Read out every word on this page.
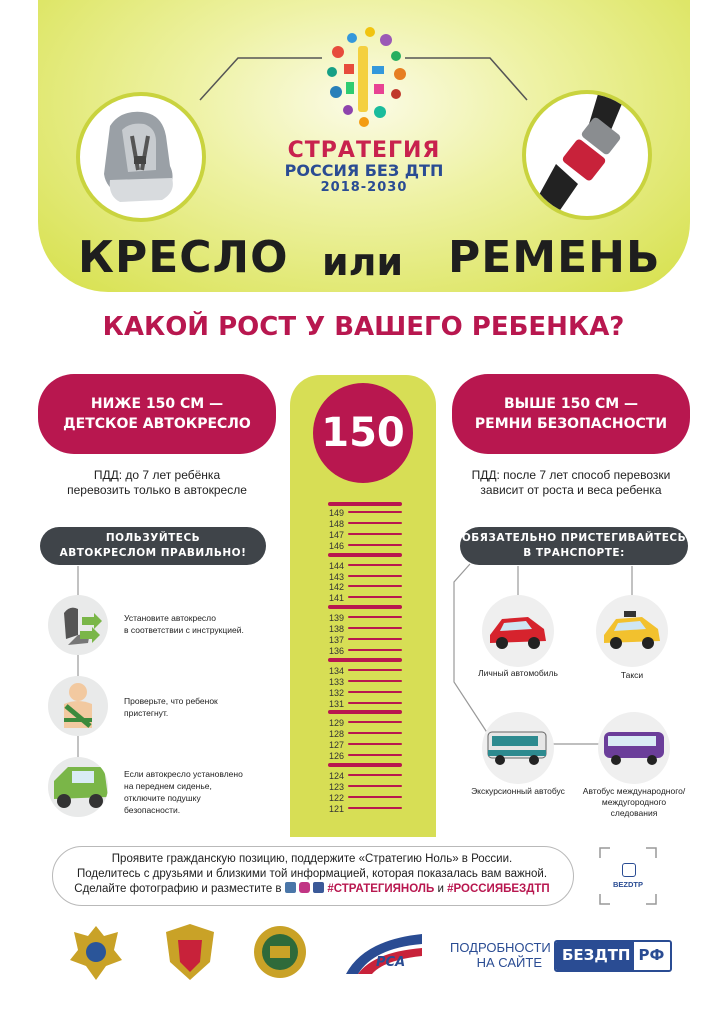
СТРАТЕГИЯ
РОССИЯ БЕЗ ДТП
2018-2030
КРЕСЛО или РЕМЕНЬ
КАКОЙ РОСТ У ВАШЕГО РЕБЕНКА?
НИЖЕ 150 СМ —
ДЕТСКОЕ АВТОКРЕСЛО
ПДД: до 7 лет ребёнка
перевозить только в автокресле
ВЫШЕ 150 СМ —
РЕМНИ БЕЗОПАСНОСТИ
ПДД: после 7 лет способ перевозки
зависит от роста и веса ребенка
150
149
148
147
146
144
143
142
141
139
138
137
136
134
133
132
131
129
128
127
126
124
123
122
121
ПОЛЬЗУЙТЕСЬ
АВТОКРЕСЛОМ ПРАВИЛЬНО!
Установите автокресло
в соответствии с инструкцией.
Проверьте, что ребенок
пристегнут.
Если автокресло установлено
на переднем сиденье,
отключите подушку
безопасности.
ОБЯЗАТЕЛЬНО ПРИСТЕГИВАЙТЕСЬ
В ТРАНСПОРТЕ:
Личный автомобиль	Такси
Экскурсионный автобус	Автобус международного/ междугородного следования
Проявите гражданскую позицию, поддержите «Стратегию Ноль» в России.
Поделитесь с друзьями и близкими той информацией, которая показалась вам важной.
Сделайте фотографию и разместите в	#СТРАТЕГИЯНОЛЬ и #РОССИЯБЕЗДТП	BEZDTP
РСА
ПОДРОБНОСТИ
НА САЙТЕ	БЕЗДТП РФ
